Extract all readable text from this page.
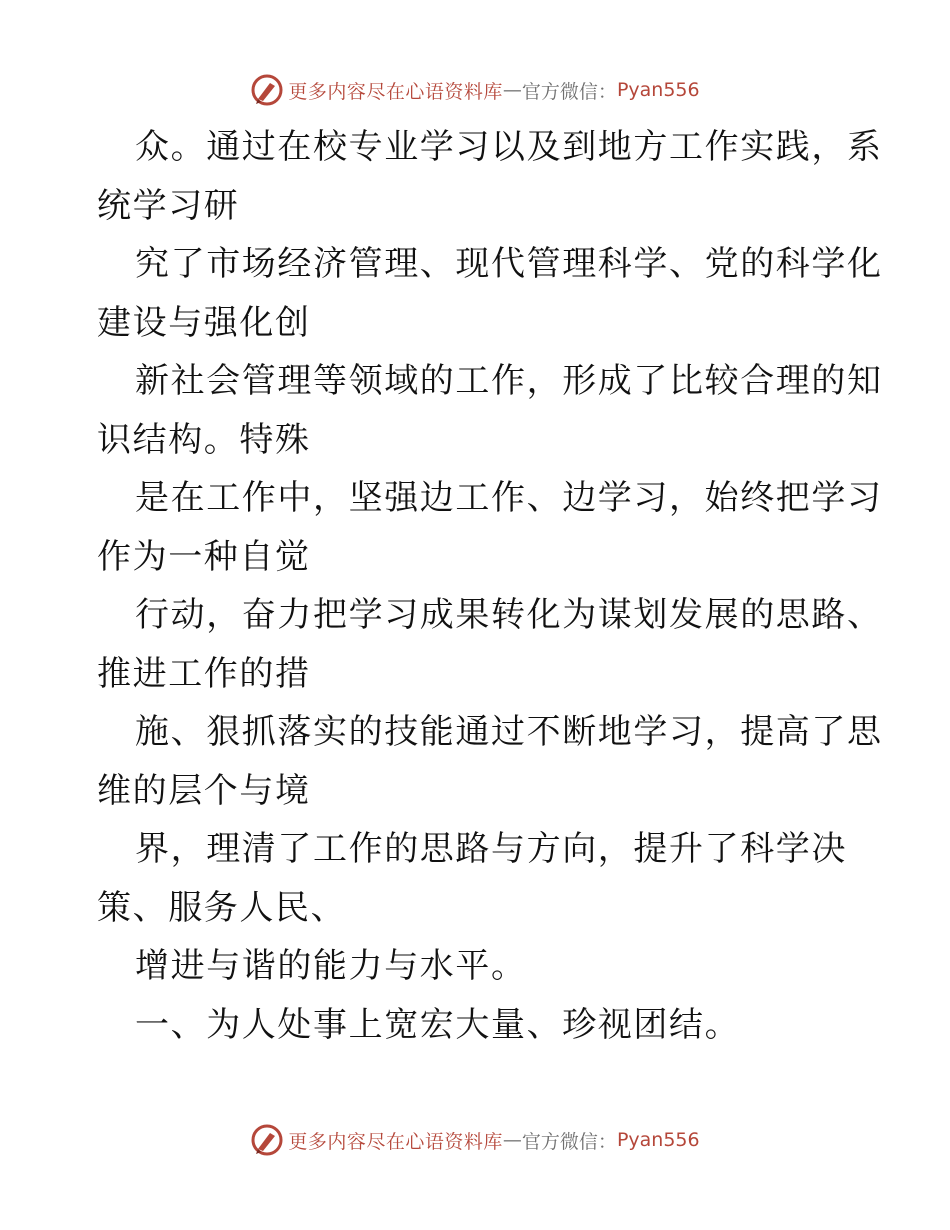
更多内容尽在心语资料库 — 官方微信： Pyan556
众。通过在校专业学习以及到地方工作实践，系
统学习研
究了市场经济管理、现代管理科学、党的科学化
建设与强化创
新社会管理等领域的工作，形成了比较合理的知
识结构。特殊
是在工作中，坚强边工作、边学习，始终把学习
作为一种自觉
行动，奋力把学习成果转化为谋划发展的思路、
推进工作的措
施、狠抓落实的技能通过不断地学习，提高了思
维的层个与境
界，理清了工作的思路与方向，提升了科学决
策、服务人民、
增进与谐的能力与水平。
一、为人处事上宽宏大量、珍视团结。
更多内容尽在心语资料库 — 官方微信： Pyan556
